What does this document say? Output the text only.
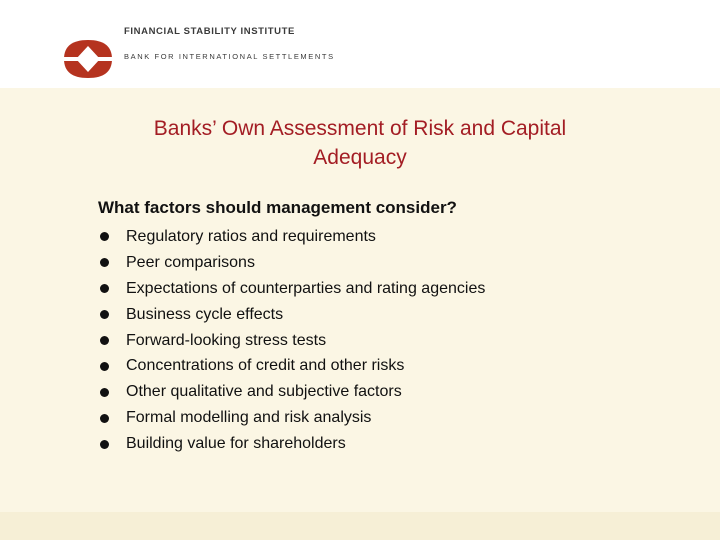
FINANCIAL STABILITY INSTITUTE
BANK FOR INTERNATIONAL SETTLEMENTS
Banks’ Own Assessment of Risk and Capital
Adequacy
What factors should management consider?
Regulatory ratios and requirements
Peer comparisons
Expectations of counterparties and rating agencies
Business cycle effects
Forward-looking stress tests
Concentrations of credit and other risks
Other qualitative and subjective factors
Formal modelling and risk analysis
Building value for shareholders
